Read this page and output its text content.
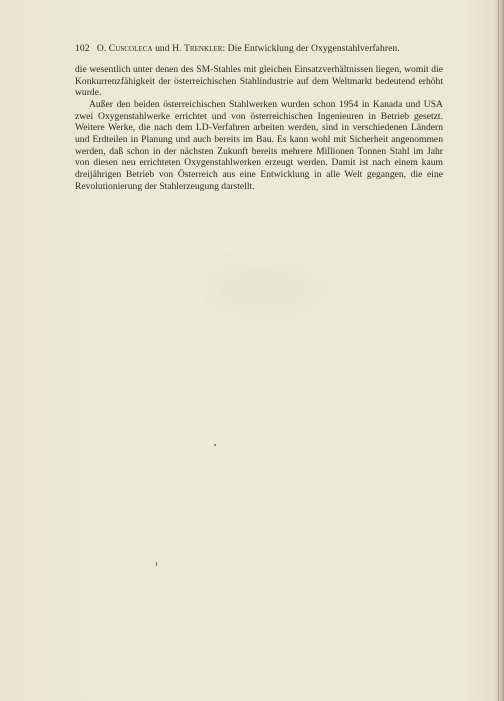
102 O. Cuscoleca und H. Trenkler: Die Entwicklung der Oxygenstahlverfahren.

die wesentlich unter denen des SM-Stahles mit gleichen Einsatzverhältnissen liegen, womit die Konkurrenzfähigkeit der österreichischen Stahlindustrie auf dem Weltmarkt bedeutend erhöht wurde.

Außer den beiden österreichischen Stahlwerken wurden schon 1954 in Kanada und USA zwei Oxygenstahlwerke errichtet und von österreichischen Ingenieuren in Betrieb gesetzt. Weitere Werke, die nach dem LD-Verfahren arbeiten werden, sind in verschiedenen Ländern und Erdteilen in Planung und auch bereits im Bau. Es kann wohl mit Sicherheit angenommen werden, daß schon in der nächsten Zukunft bereits mehrere Millionen Tonnen Stahl im Jahr von diesen neu errichteten Oxygenstahlwerken erzeugt werden. Damit ist nach einem kaum dreijährigen Betrieb von Österreich aus eine Entwicklung in alle Welt gegangen, die eine Revolutionierung der Stahlerzeugung darstellt.
